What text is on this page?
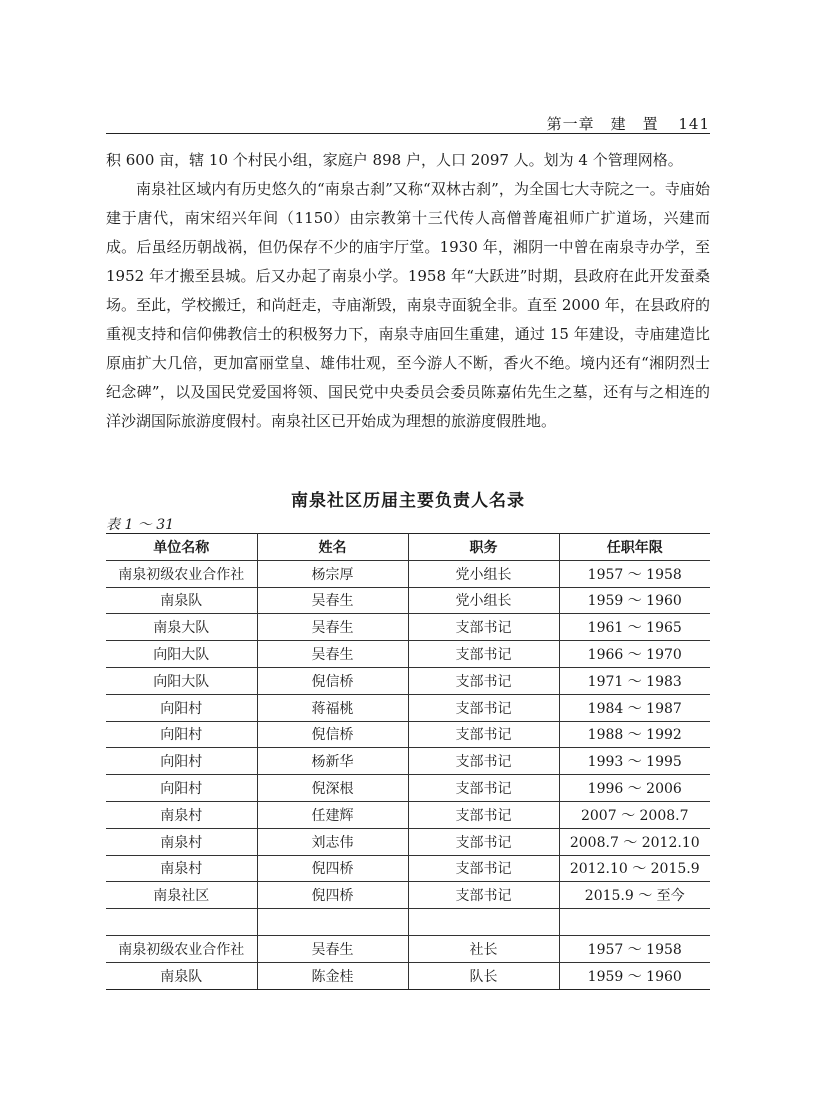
第一章　建　置 141

积 600 亩，辖 10 个村民小组，家庭户 898 户，人口 2097 人。划为 4 个管理网格。

南泉社区域内有历史悠久的“南泉古刹”又称“双林古刹”，为全国七大寺院之一。寺庙始建于唐代，南宋绍兴年间（1150）由宗教第十三代传人高僧普庵祖师广扩道场，兴建而成。后虽经历朝战祸，但仍保存不少的庙宇厅堂。1930 年，湘阴一中曾在南泉寺办学，至 1952 年才搬至县城。后又办起了南泉小学。1958 年“大跃进”时期，县政府在此开发蚕桑场。至此，学校搬迁，和尚赶走，寺庙渐毁，南泉寺面貌全非。直至 2000 年，在县政府的重视支持和信仰佛教信士的积极努力下，南泉寺庙回生重建，通过 15 年建设，寺庙建造比原庙扩大几倍，更加富丽堂皇、雄伟壮观，至今游人不断，香火不绝。境内还有“湘阴烈士纪念碑”，以及国民党爱国将领、国民党中央委员会委员陈嘉佑先生之墓，还有与之相连的洋沙湖国际旅游度假村。南泉社区已开始成为理想的旅游度假胜地。

南泉社区历届主要负责人名录
表 1 ～ 31
单位名称	姓名	职务	任职年限
南泉初级农业合作社	杨宗厚	党小组长	1957 ～ 1958
南泉队	吴春生	党小组长	1959 ～ 1960
南泉大队	吴春生	支部书记	1961 ～ 1965
向阳大队	吴春生	支部书记	1966 ～ 1970
向阳大队	倪信桥	支部书记	1971 ～ 1983
向阳村	蒋福桃	支部书记	1984 ～ 1987
向阳村	倪信桥	支部书记	1988 ～ 1992
向阳村	杨新华	支部书记	1993 ～ 1995
向阳村	倪深根	支部书记	1996 ～ 2006
南泉村	任建辉	支部书记	2007 ～ 2008.7
南泉村	刘志伟	支部书记	2008.7 ～ 2012.10
南泉村	倪四桥	支部书记	2012.10 ～ 2015.9
南泉社区	倪四桥	支部书记	2015.9 ～ 至今

南泉初级农业合作社	吴春生	社长	1957 ～ 1958
南泉队	陈金桂	队长	1959 ～ 1960
